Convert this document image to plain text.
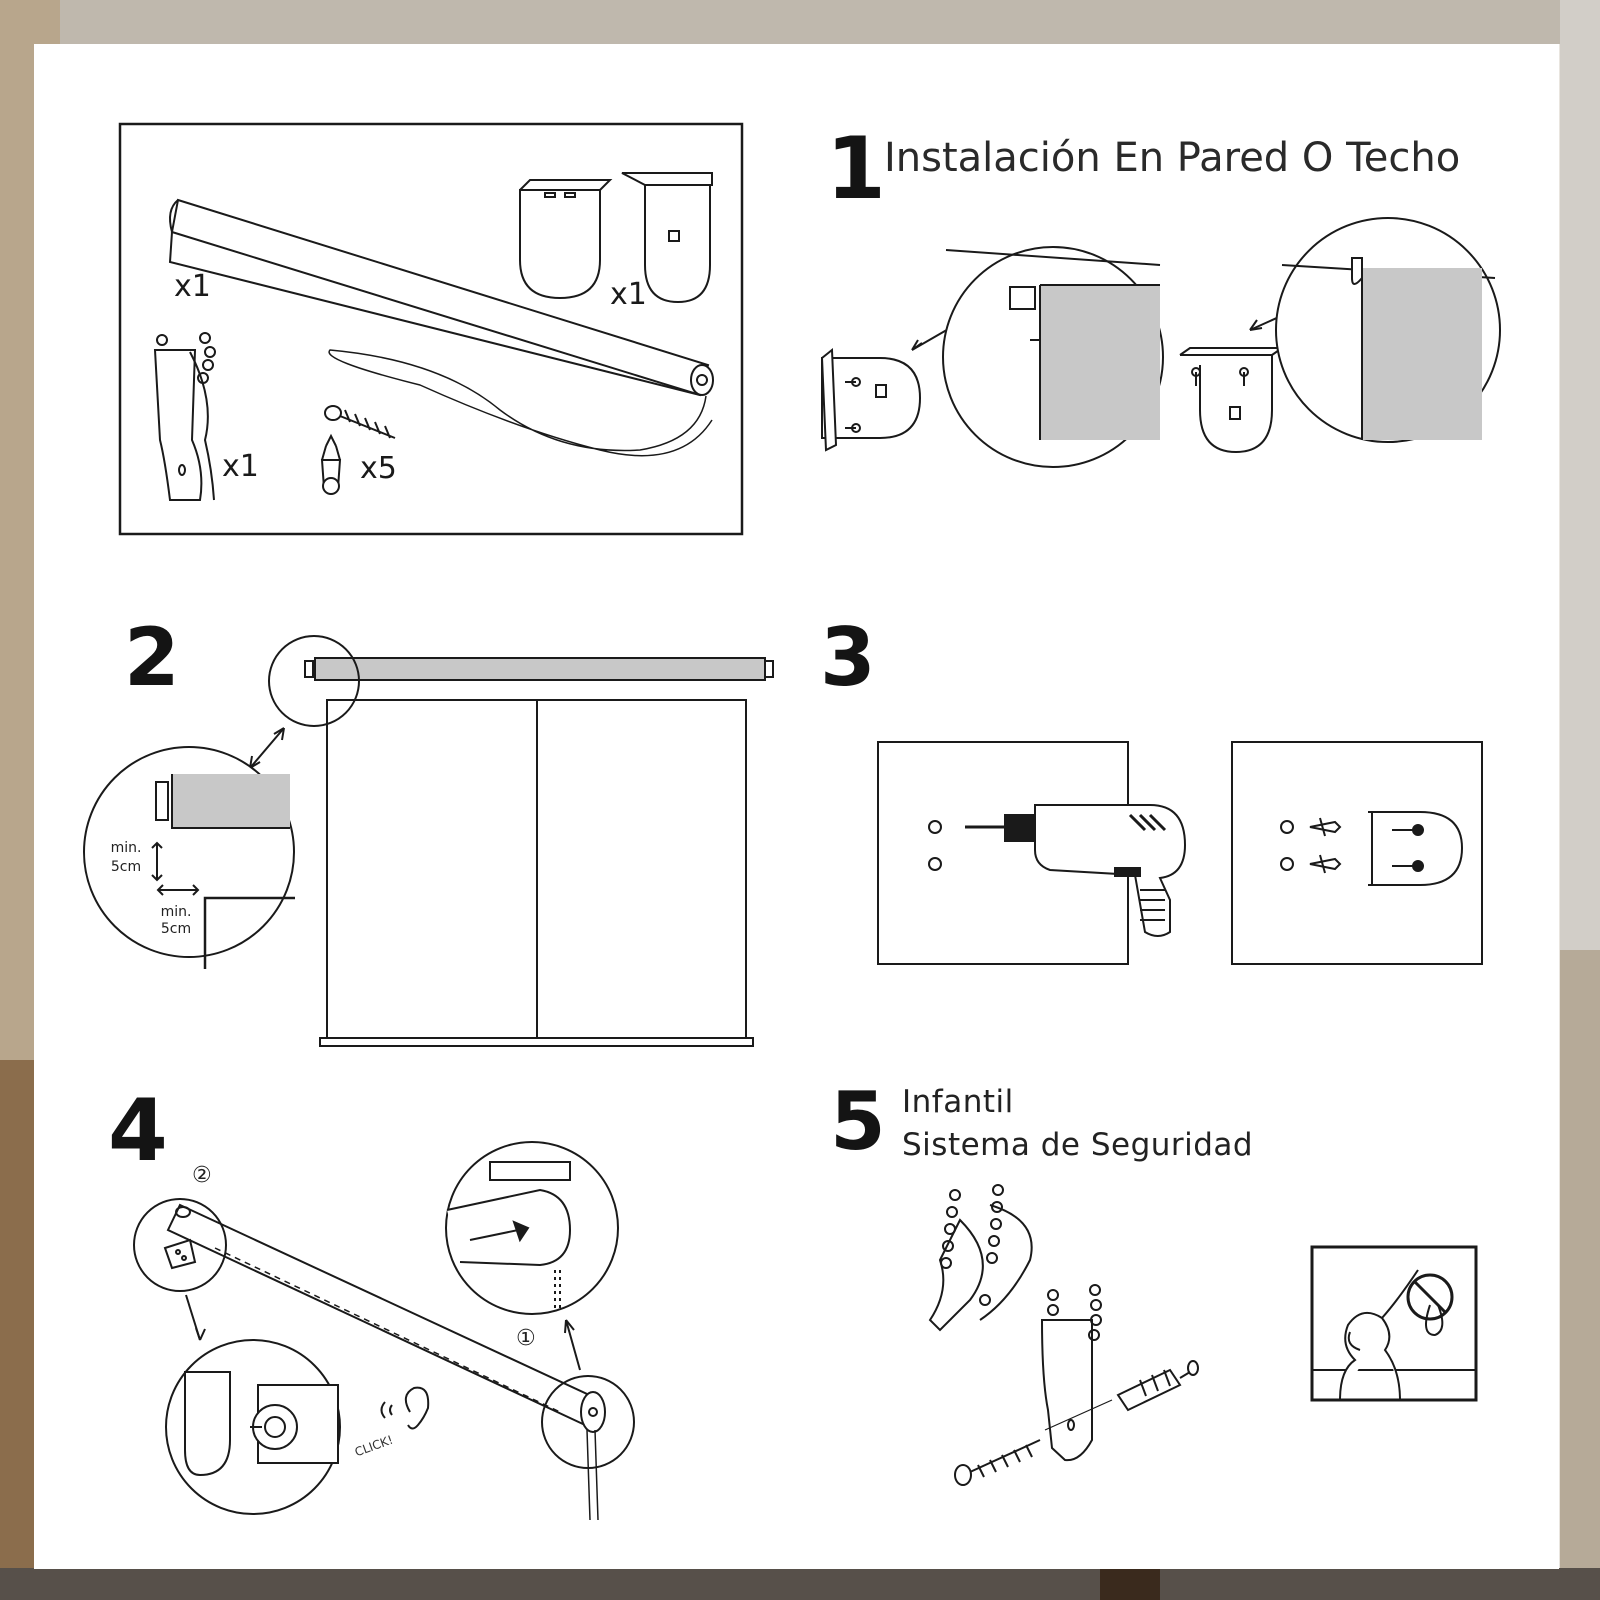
1
Instalación En Pared O Techo
x1	x1
x1	x5
2
min.
5cm
min.
5cm
3
4 ②
①
CLICK!
5 Infantil
Sistema de Seguridad
